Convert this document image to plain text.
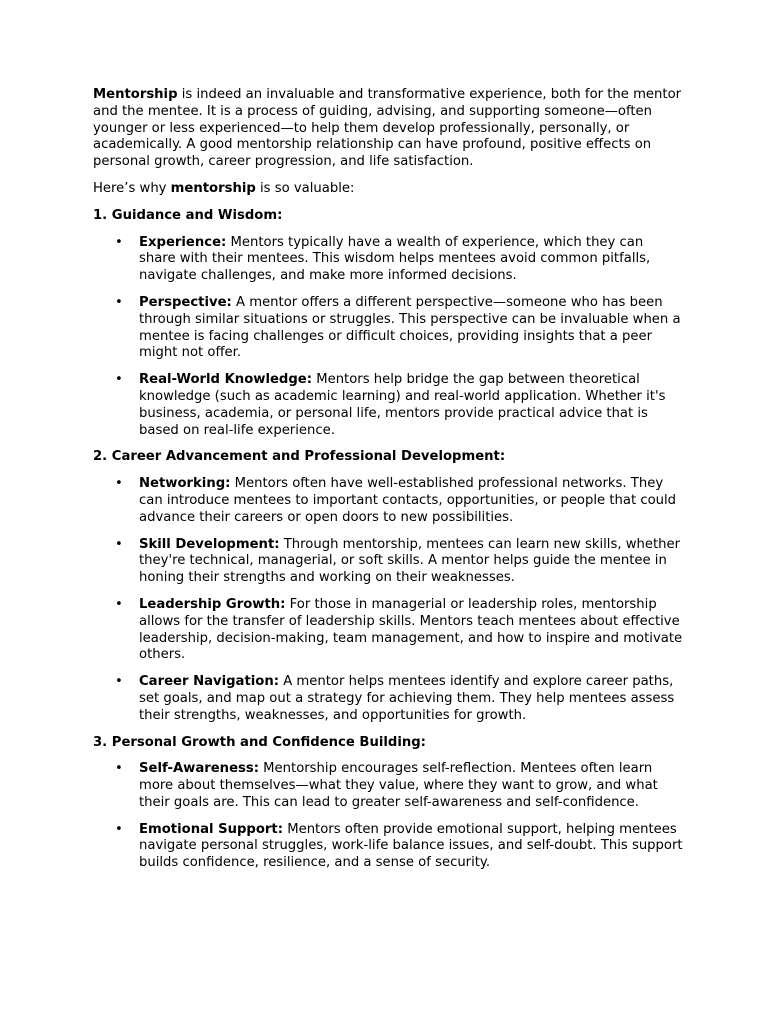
Mentorship is indeed an invaluable and transformative experience, both for the mentor and the mentee. It is a process of guiding, advising, and supporting someone—often younger or less experienced—to help them develop professionally, personally, or academically. A good mentorship relationship can have profound, positive effects on personal growth, career progression, and life satisfaction.

Here’s why mentorship is so valuable:

1. Guidance and Wisdom:
• Experience: Mentors typically have a wealth of experience, which they can share with their mentees. This wisdom helps mentees avoid common pitfalls, navigate challenges, and make more informed decisions.
• Perspective: A mentor offers a different perspective—someone who has been through similar situations or struggles. This perspective can be invaluable when a mentee is facing challenges or difficult choices, providing insights that a peer might not offer.
• Real-World Knowledge: Mentors help bridge the gap between theoretical knowledge (such as academic learning) and real-world application. Whether it's business, academia, or personal life, mentors provide practical advice that is based on real-life experience.
2. Career Advancement and Professional Development:
• Networking: Mentors often have well-established professional networks. They can introduce mentees to important contacts, opportunities, or people that could advance their careers or open doors to new possibilities.
• Skill Development: Through mentorship, mentees can learn new skills, whether they're technical, managerial, or soft skills. A mentor helps guide the mentee in honing their strengths and working on their weaknesses.
• Leadership Growth: For those in managerial or leadership roles, mentorship allows for the transfer of leadership skills. Mentors teach mentees about effective leadership, decision-making, team management, and how to inspire and motivate others.
• Career Navigation: A mentor helps mentees identify and explore career paths, set goals, and map out a strategy for achieving them. They help mentees assess their strengths, weaknesses, and opportunities for growth.
3. Personal Growth and Confidence Building:
• Self-Awareness: Mentorship encourages self-reflection. Mentees often learn more about themselves—what they value, where they want to grow, and what their goals are. This can lead to greater self-awareness and self-confidence.
• Emotional Support: Mentors often provide emotional support, helping mentees navigate personal struggles, work-life balance issues, and self-doubt. This support builds confidence, resilience, and a sense of security.
